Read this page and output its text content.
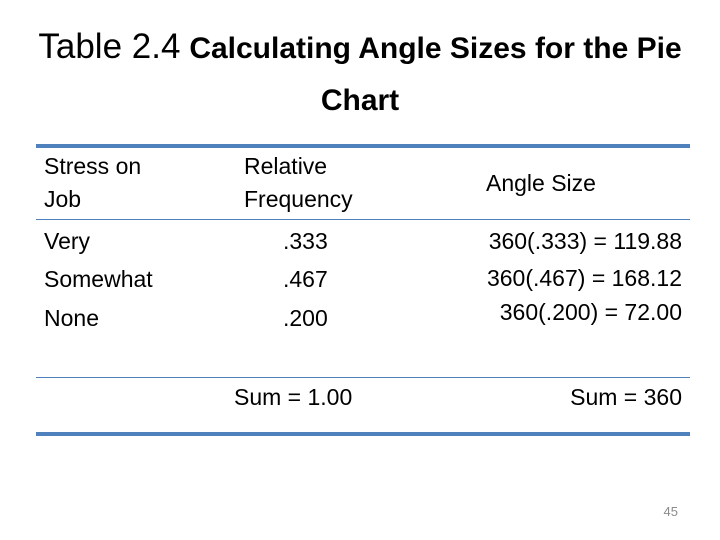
Table 2.4 Calculating Angle Sizes for the Pie Chart
Stress on
Job
Relative
Frequency
Angle Size
Very
Somewhat
None
.333
.467
.200
360(.333) = 119.88
360(.467) = 168.12
360(.200) = 72.00
Sum = 1.00	Sum = 360
45
